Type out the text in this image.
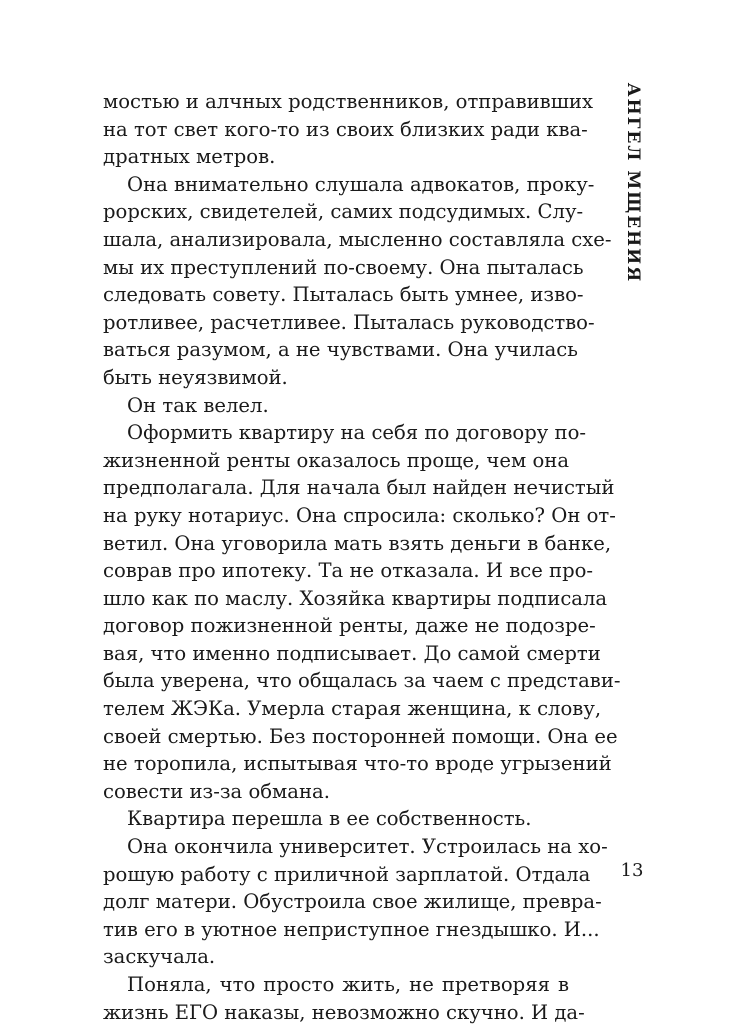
мостью и алчных родственников, отправивших
на тот свет кого-то из своих близких ради ква-
дратных метров.
Она внимательно слушала адвокатов, проку-
рорских, свидетелей, самих подсудимых. Слу-
шала, анализировала, мысленно составляла схе-
мы их преступлений по-своему. Она пыталась
следовать совету. Пыталась быть умнее, изво-
ротливее, расчетливее. Пыталась руководство-
ваться разумом, а не чувствами. Она училась
быть неуязвимой.
Он так велел.
Оформить квартиру на себя по договору по-
жизненной ренты оказалось проще, чем она
предполагала. Для начала был найден нечистый
на руку нотариус. Она спросила: сколько? Он от-
ветил. Она уговорила мать взять деньги в банке,
соврав про ипотеку. Та не отказала. И все про-
шло как по маслу. Хозяйка квартиры подписала
договор пожизненной ренты, даже не подозре-
вая, что именно подписывает. До самой смерти
была уверена, что общалась за чаем с представи-
телем ЖЭКа. Умерла старая женщина, к слову,
своей смертью. Без посторонней помощи. Она ее
не торопила, испытывая что-то вроде угрызений
совести из-за обмана.
Квартира перешла в ее собственность.
Она окончила университет. Устроилась на хо-
рошую работу с приличной зарплатой. Отдала
долг матери. Обустроила свое жилище, превра-
тив его в уютное неприступное гнездышко. И...
заскучала.
Поняла, что просто жить, не претворяя в
жизнь ЕГО наказы, невозможно скучно. И да-
АНГЕЛ МЩЕНИЯ
13
